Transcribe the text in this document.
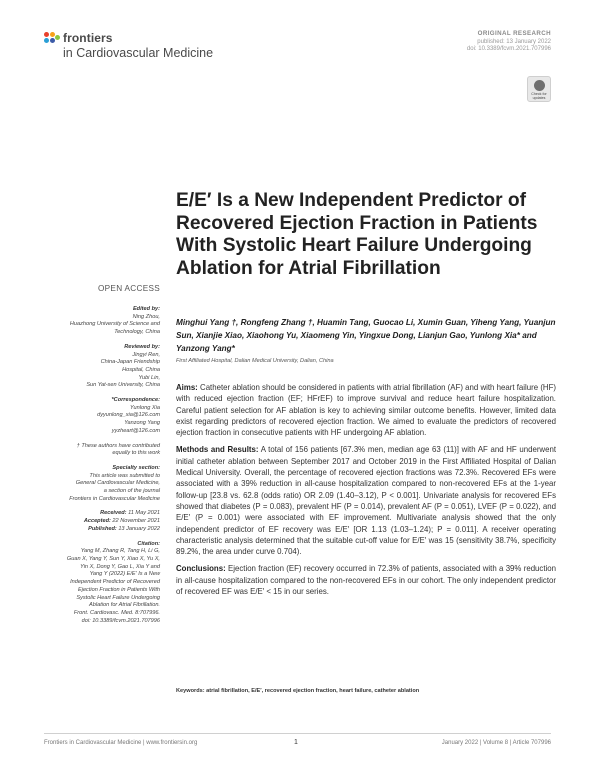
frontiers
in Cardiovascular Medicine
ORIGINAL RESEARCH
published: 13 January 2022
doi: 10.3389/fcvm.2021.707996
Check for updates
E/E′ Is a New Independent Predictor of Recovered Ejection Fraction in Patients With Systolic Heart Failure Undergoing Ablation for Atrial Fibrillation
Minghui Yang †, Rongfeng Zhang †, Huamin Tang, Guocao Li, Xumin Guan, Yiheng Yang, Yuanjun Sun, Xianjie Xiao, Xiaohong Yu, Xiaomeng Yin, Yingxue Dong, Lianjun Gao, Yunlong Xia* and Yanzong Yang*
First Affiliated Hospital, Dalian Medical University, Dalian, China
OPEN ACCESS
Edited by:
Ning Zhou,
Huazhong University of Science and
Technology, China
Reviewed by:
Jingyi Ren,
China-Japan Friendship
Hospital, China
Yubi Lin,
Sun Yat-sen University, China
*Correspondence:
Yunlong Xia
dyyunlong_xia@126.com
Yanzong Yang
yyzheart@126.com
† These authors have contributed
equally to this work
Specialty section:
This article was submitted to
General Cardiovascular Medicine,
a section of the journal
Frontiers in Cardiovascular Medicine
Received: 11 May 2021
Accepted: 22 November 2021
Published: 13 January 2022
Citation:
Yang M, Zhang R, Tang H, Li G,
Guan X, Yang Y, Sun Y, Xiao X, Yu X,
Yin X, Dong Y, Gao L, Xia Y and
Yang Y (2022) E/E′ Is a New
Independent Predictor of Recovered
Ejection Fraction in Patients With
Systolic Heart Failure Undergoing
Ablation for Atrial Fibrillation.
Front. Cardiovasc. Med. 8:707996.
doi: 10.3389/fcvm.2021.707996

Aims: Catheter ablation should be considered in patients with atrial fibrillation (AF) and with heart failure (HF) with reduced ejection fraction (EF; HFrEF) to improve survival and reduce heart failure hospitalization. Careful patient selection for AF ablation is key to achieving similar outcome benefits. However, limited data exist regarding predictors of recovered ejection fraction. We aimed to evaluate the predictors of recovered ejection fraction in consecutive patients with HF undergoing AF ablation.

Methods and Results: A total of 156 patients [67.3% men, median age 63 (11)] with AF and HF underwent initial catheter ablation between September 2017 and October 2019 in the First Affiliated Hospital of Dalian Medical University. Overall, the percentage of recovered ejection fractions was 72.3%. Recovered EFs were associated with a 39% reduction in all-cause hospitalization compared to non-recovered EFs at the 1-year follow-up [23.8 vs. 62.8 (odds ratio) OR 2.09 (1.40–3.12), P < 0.001]. Univariate analysis for recovered EFs showed that diabetes (P = 0.083), prevalent HF (P = 0.014), prevalent AF (P = 0.051), LVEF (P = 0.022), and E/E′ (P = 0.001) were associated with EF improvement. Multivariate analysis showed that the only independent predictor of EF recovery was E/E′ [OR 1.13 (1.03–1.24); P = 0.011]. A receiver operating characteristic analysis determined that the suitable cut-off value for E/E′ was 15 (sensitivity 38.7%, specificity 89.2%, the area under curve 0.704).

Conclusions: Ejection fraction (EF) recovery occurred in 72.3% of patients, associated with a 39% reduction in all-cause hospitalization compared to the non-recovered EFs in our cohort. The only independent predictor of recovered EF was E/E′ < 15 in our series.

Keywords: atrial fibrillation, E/E′, recovered ejection fraction, heart failure, catheter ablation
Frontiers in Cardiovascular Medicine | www.frontiersin.org	1	January 2022 | Volume 8 | Article 707996
